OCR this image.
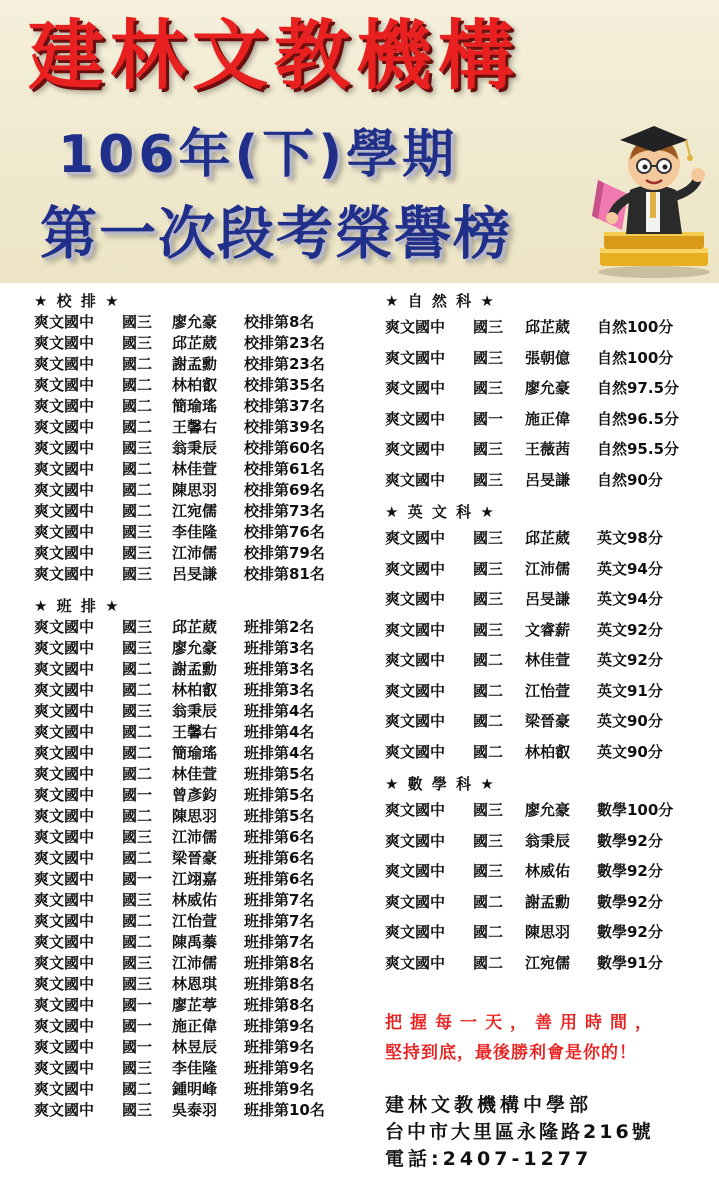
建林文教機構
106年(下)學期
第一次段考榮譽榜
★ 校 排 ★
爽文國中	國三	廖允豪	校排第8名
爽文國中	國三	邱芷葳	校排第23名
爽文國中	國二	謝孟勳	校排第23名
爽文國中	國二	林柏叡	校排第35名
爽文國中	國二	簡瑜瑤	校排第37名
爽文國中	國二	王馨右	校排第39名
爽文國中	國三	翁秉辰	校排第60名
爽文國中	國二	林佳萱	校排第61名
爽文國中	國二	陳思羽	校排第69名
爽文國中	國二	江宛儒	校排第73名
爽文國中	國三	李佳隆	校排第76名
爽文國中	國三	江沛儒	校排第79名
爽文國中	國三	呂旻謙	校排第81名
★ 班 排 ★
爽文國中	國三	邱芷葳	班排第2名
爽文國中	國三	廖允豪	班排第3名
爽文國中	國二	謝孟勳	班排第3名
爽文國中	國二	林柏叡	班排第3名
爽文國中	國三	翁秉辰	班排第4名
爽文國中	國二	王馨右	班排第4名
爽文國中	國二	簡瑜瑤	班排第4名
爽文國中	國二	林佳萱	班排第5名
爽文國中	國一	曾彥鈞	班排第5名
爽文國中	國二	陳思羽	班排第5名
爽文國中	國三	江沛儒	班排第6名
爽文國中	國二	梁晉豪	班排第6名
爽文國中	國一	江翊嘉	班排第6名
爽文國中	國三	林威佑	班排第7名
爽文國中	國二	江怡萱	班排第7名
爽文國中	國二	陳禹蓁	班排第7名
爽文國中	國三	江沛儒	班排第8名
爽文國中	國三	林恩琪	班排第8名
爽文國中	國一	廖芷葶	班排第8名
爽文國中	國一	施正偉	班排第9名
爽文國中	國一	林昱辰	班排第9名
爽文國中	國三	李佳隆	班排第9名
爽文國中	國二	鍾明峰	班排第9名
爽文國中	國三	吳泰羽	班排第10名
★ 自 然 科 ★
爽文國中	國三	邱芷葳	自然100分
爽文國中	國三	張朝億	自然100分
爽文國中	國三	廖允豪	自然97.5分
爽文國中	國一	施正偉	自然96.5分
爽文國中	國三	王薇茜	自然95.5分
爽文國中	國三	呂旻謙	自然90分
★ 英 文 科 ★
爽文國中	國三	邱芷葳	英文98分
爽文國中	國三	江沛儒	英文94分
爽文國中	國三	呂旻謙	英文94分
爽文國中	國三	文睿薪	英文92分
爽文國中	國二	林佳萱	英文92分
爽文國中	國二	江怡萱	英文91分
爽文國中	國二	梁晉豪	英文90分
爽文國中	國二	林柏叡	英文90分
★ 數 學 科 ★
爽文國中	國三	廖允豪	數學100分
爽文國中	國三	翁秉辰	數學92分
爽文國中	國三	林威佑	數學92分
爽文國中	國二	謝孟勳	數學92分
爽文國中	國二	陳思羽	數學92分
爽文國中	國二	江宛儒	數學91分
把握每一天，善用時間，
堅持到底，最後勝利會是你的！
建林文教機構中學部
台中市大里區永隆路216號
電話:2407-1277
